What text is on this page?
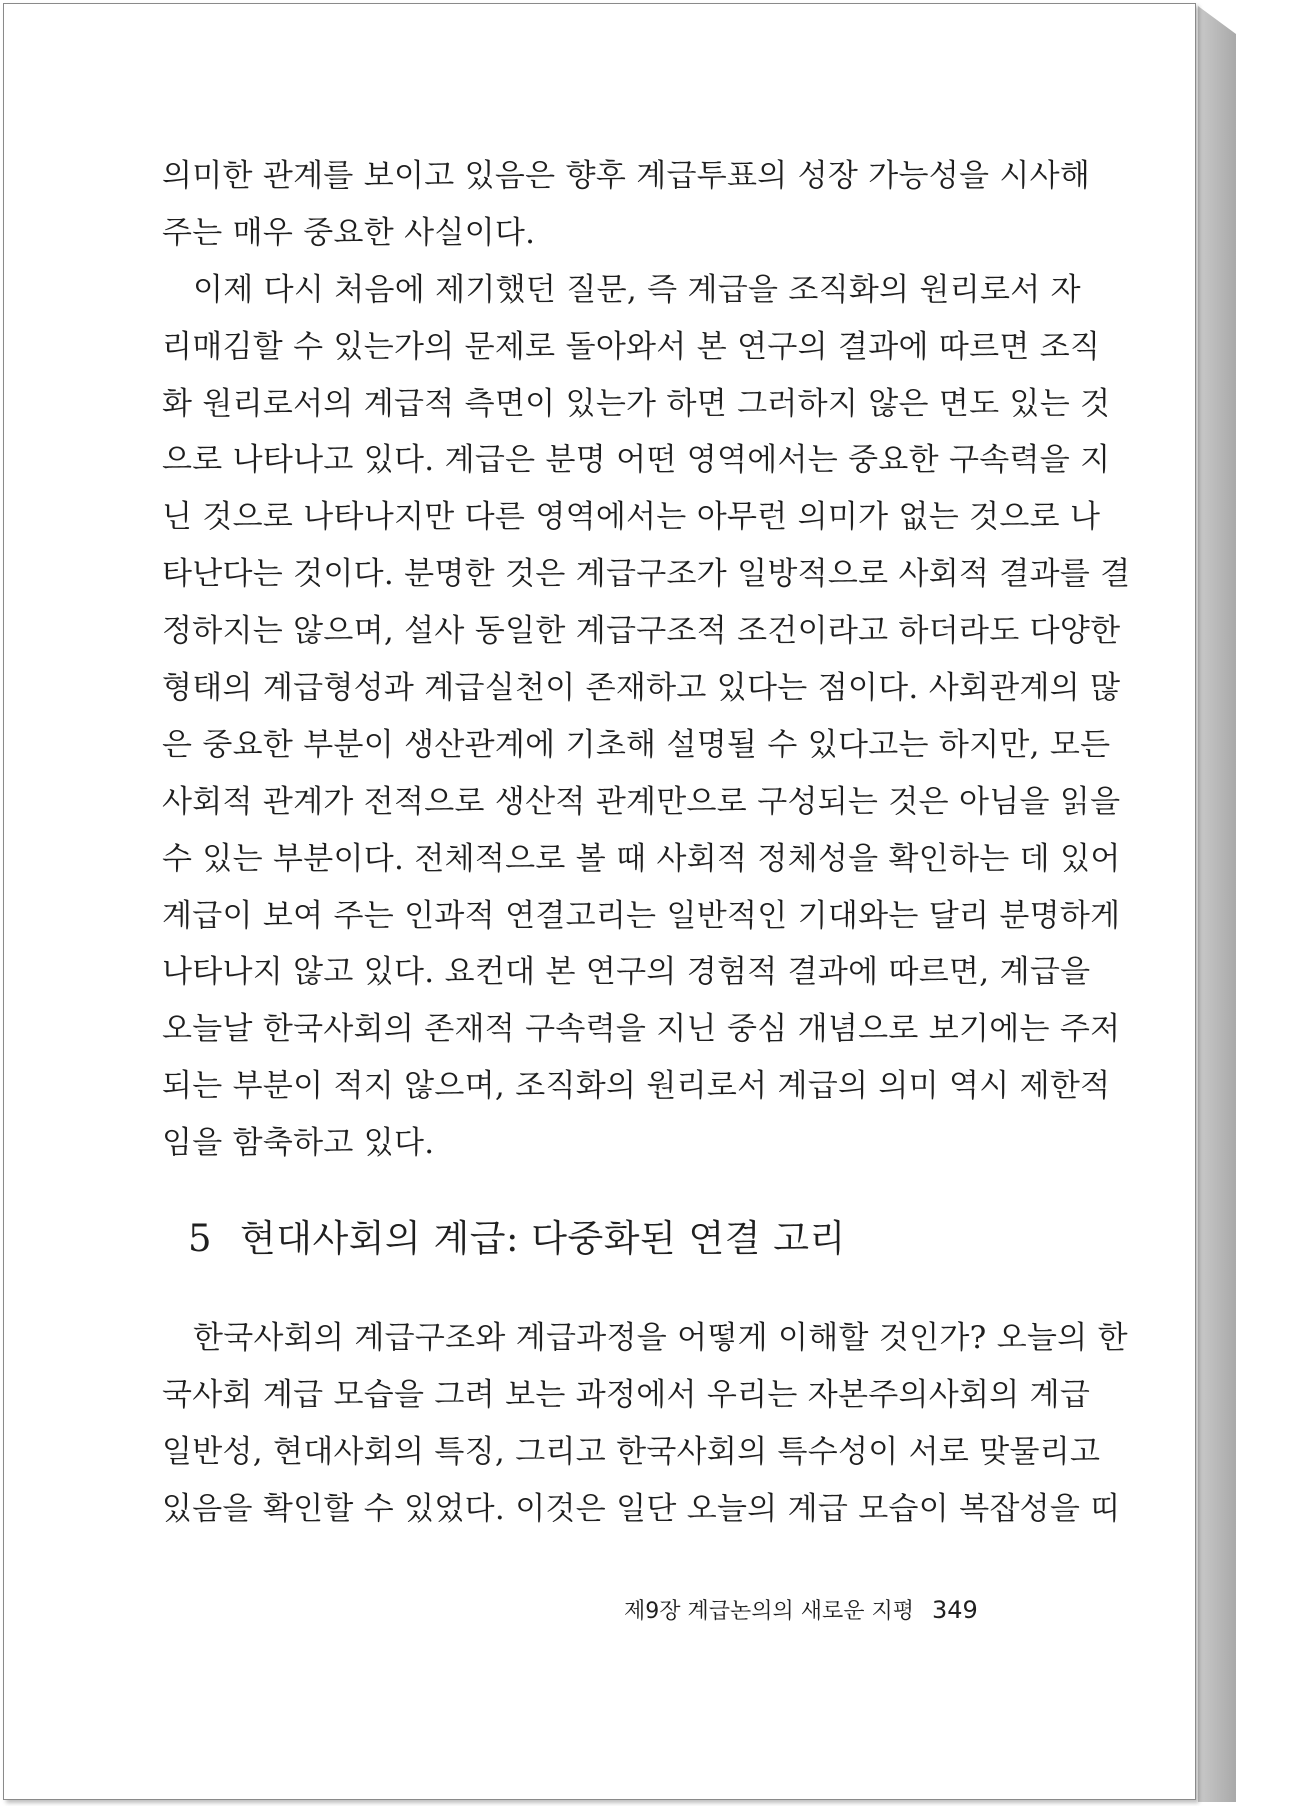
의미한 관계를 보이고 있음은 향후 계급투표의 성장 가능성을 시사해
주는 매우 중요한 사실이다.
이제 다시 처음에 제기했던 질문, 즉 계급을 조직화의 원리로서 자
리매김할 수 있는가의 문제로 돌아와서 본 연구의 결과에 따르면 조직
화 원리로서의 계급적 측면이 있는가 하면 그러하지 않은 면도 있는 것
으로 나타나고 있다. 계급은 분명 어떤 영역에서는 중요한 구속력을 지
닌 것으로 나타나지만 다른 영역에서는 아무런 의미가 없는 것으로 나
타난다는 것이다. 분명한 것은 계급구조가 일방적으로 사회적 결과를 결
정하지는 않으며, 설사 동일한 계급구조적 조건이라고 하더라도 다양한
형태의 계급형성과 계급실천이 존재하고 있다는 점이다. 사회관계의 많
은 중요한 부분이 생산관계에 기초해 설명될 수 있다고는 하지만, 모든
사회적 관계가 전적으로 생산적 관계만으로 구성되는 것은 아님을 읽을
수 있는 부분이다. 전체적으로 볼 때 사회적 정체성을 확인하는 데 있어
계급이 보여 주는 인과적 연결고리는 일반적인 기대와는 달리 분명하게
나타나지 않고 있다. 요컨대 본 연구의 경험적 결과에 따르면, 계급을
오늘날 한국사회의 존재적 구속력을 지닌 중심 개념으로 보기에는 주저
되는 부분이 적지 않으며, 조직화의 원리로서 계급의 의미 역시 제한적
임을 함축하고 있다.
5 현대사회의 계급: 다중화된 연결 고리
한국사회의 계급구조와 계급과정을 어떻게 이해할 것인가? 오늘의 한
국사회 계급 모습을 그려 보는 과정에서 우리는 자본주의사회의 계급
일반성, 현대사회의 특징, 그리고 한국사회의 특수성이 서로 맞물리고
있음을 확인할 수 있었다. 이것은 일단 오늘의 계급 모습이 복잡성을 띠
제9장 계급논의의 새로운 지평 349
